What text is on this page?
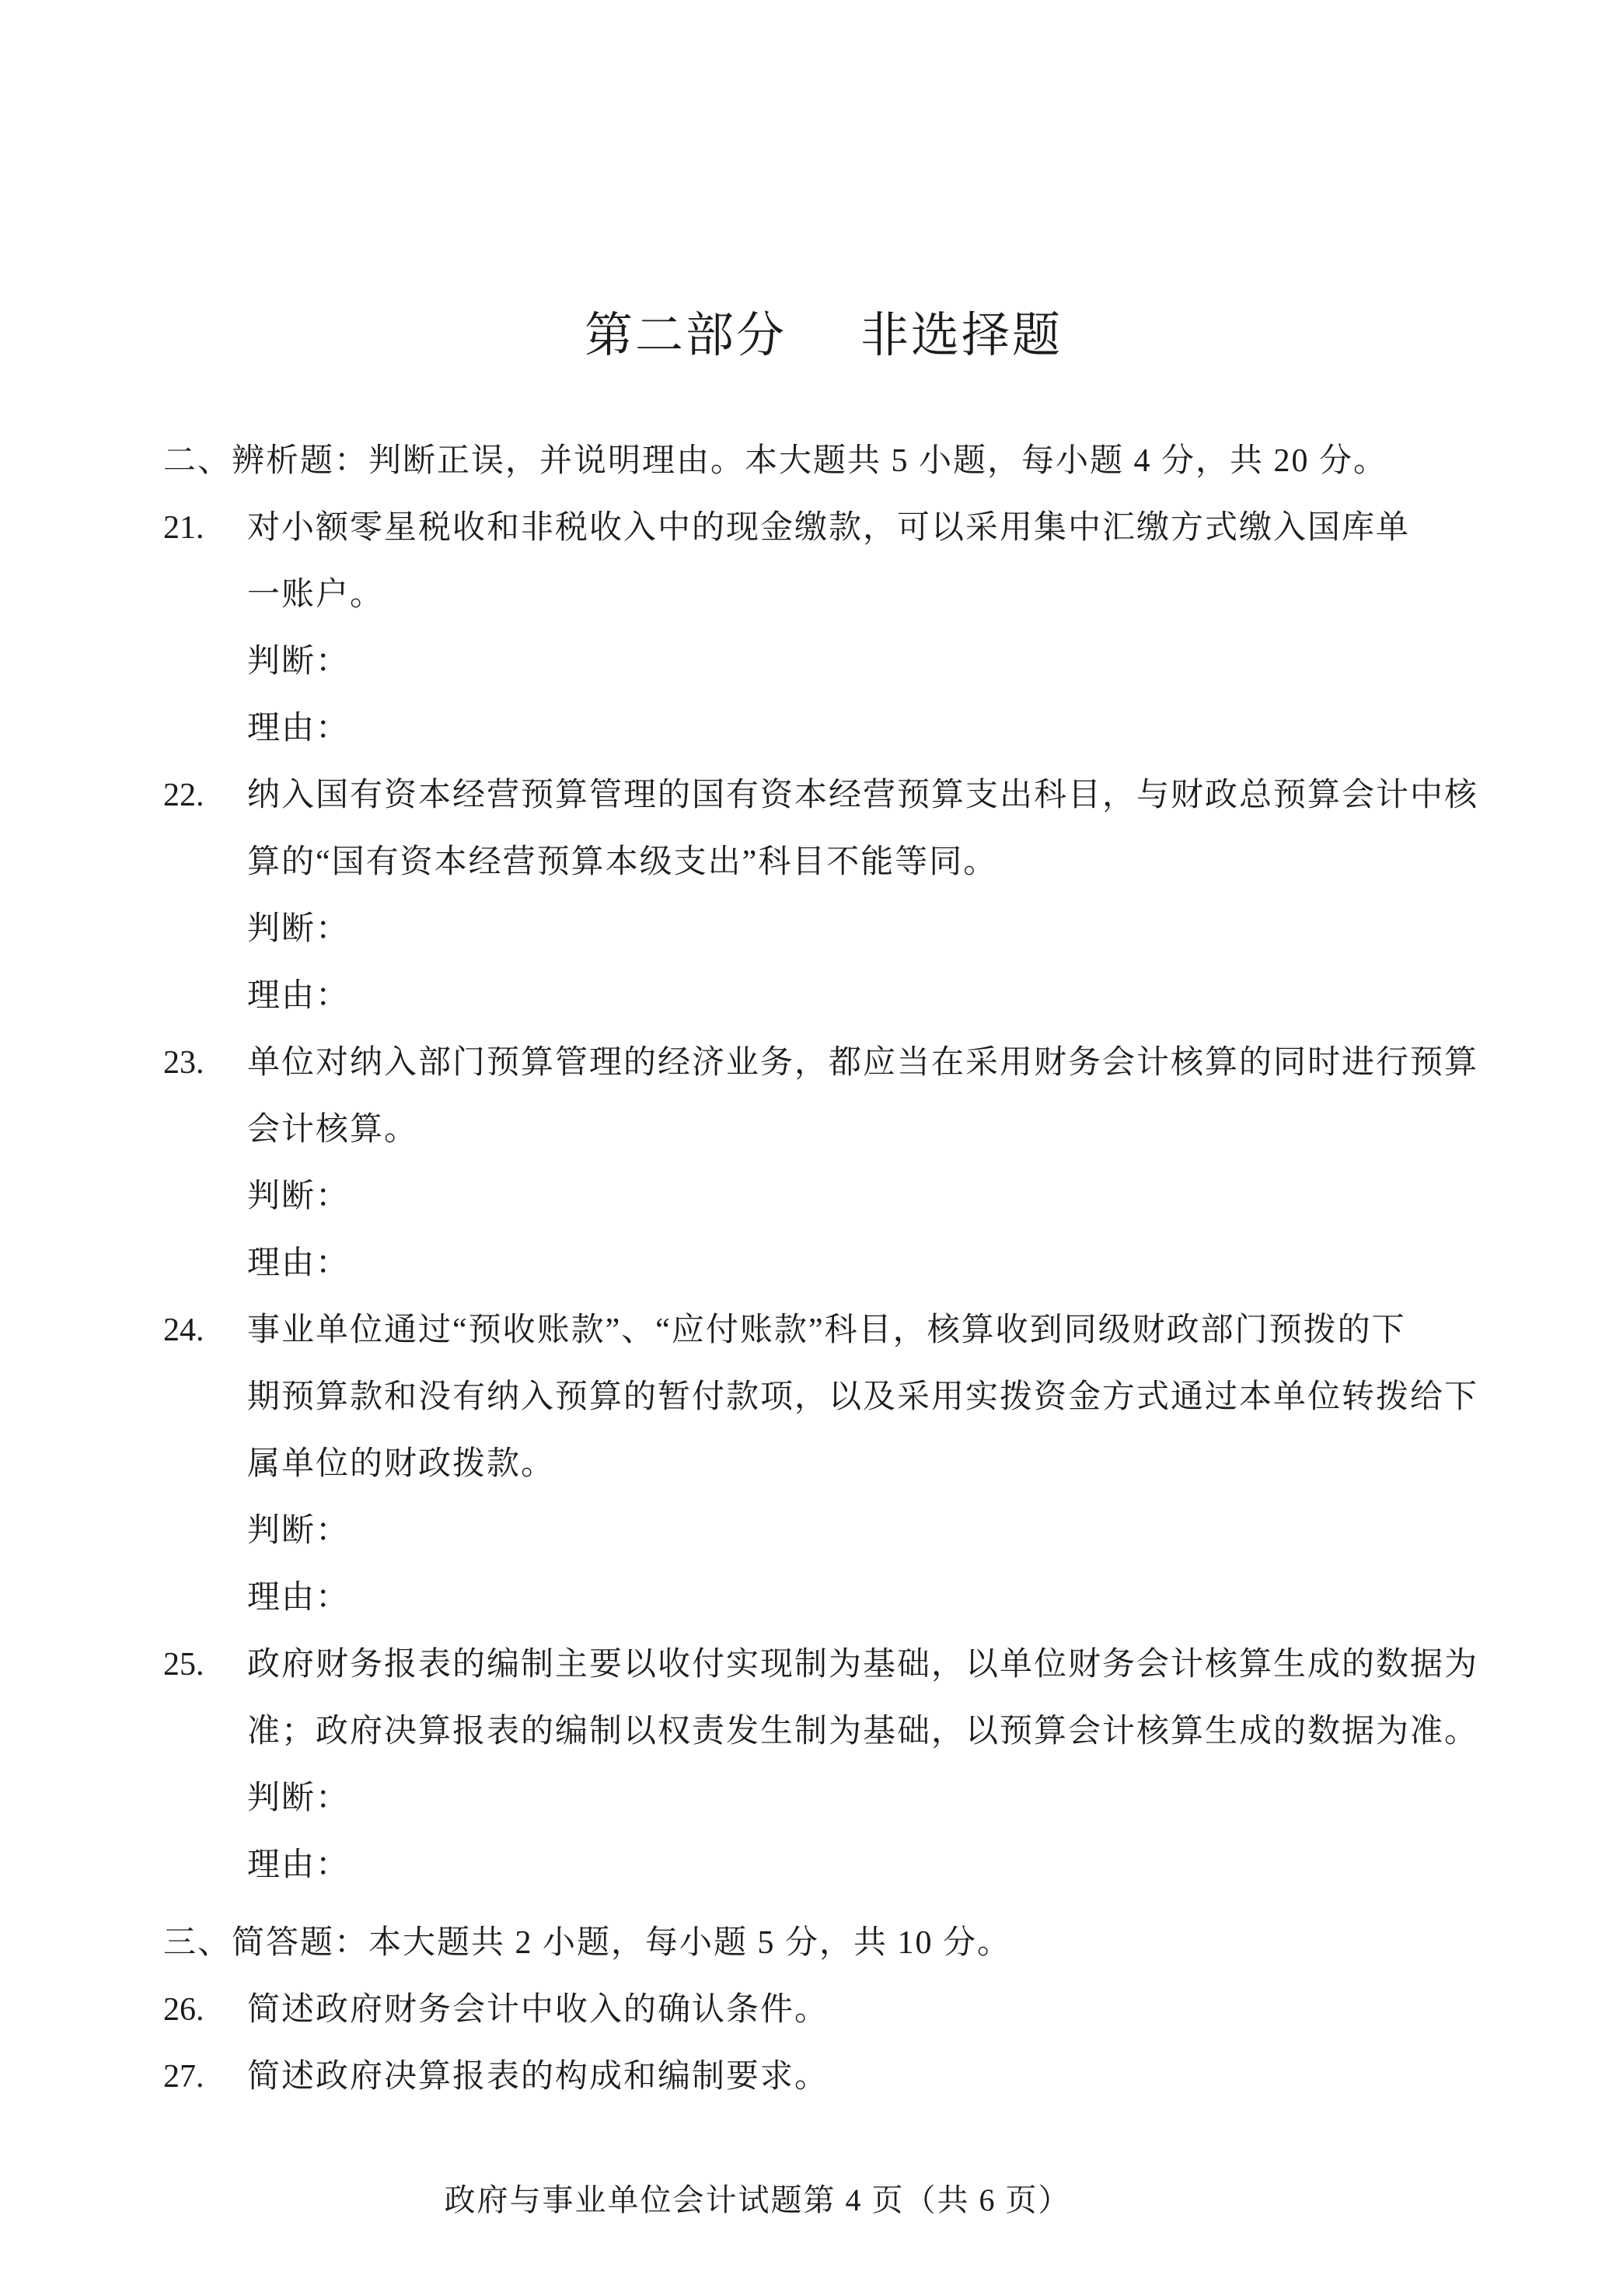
第二部分 非选择题
二、辨析题：判断正误，并说明理由。本大题共 5 小题，每小题 4 分，共 20 分。
21. 对小额零星税收和非税收入中的现金缴款，可以采用集中汇缴方式缴入国库单
一账户。
判断：
理由：
22. 纳入国有资本经营预算管理的国有资本经营预算支出科目，与财政总预算会计中核
算的“国有资本经营预算本级支出”科目不能等同。
判断：
理由：
23. 单位对纳入部门预算管理的经济业务，都应当在采用财务会计核算的同时进行预算
会计核算。
判断：
理由：
24. 事业单位通过“预收账款”、“应付账款”科目，核算收到同级财政部门预拨的下
期预算款和没有纳入预算的暂付款项，以及采用实拨资金方式通过本单位转拨给下
属单位的财政拨款。
判断：
理由：
25. 政府财务报表的编制主要以收付实现制为基础，以单位财务会计核算生成的数据为
准；政府决算报表的编制以权责发生制为基础，以预算会计核算生成的数据为准。
判断：
理由：
三、简答题：本大题共 2 小题，每小题 5 分，共 10 分。
26. 简述政府财务会计中收入的确认条件。
27. 简述政府决算报表的构成和编制要求。
政府与事业单位会计试题第 4 页（共 6 页）
